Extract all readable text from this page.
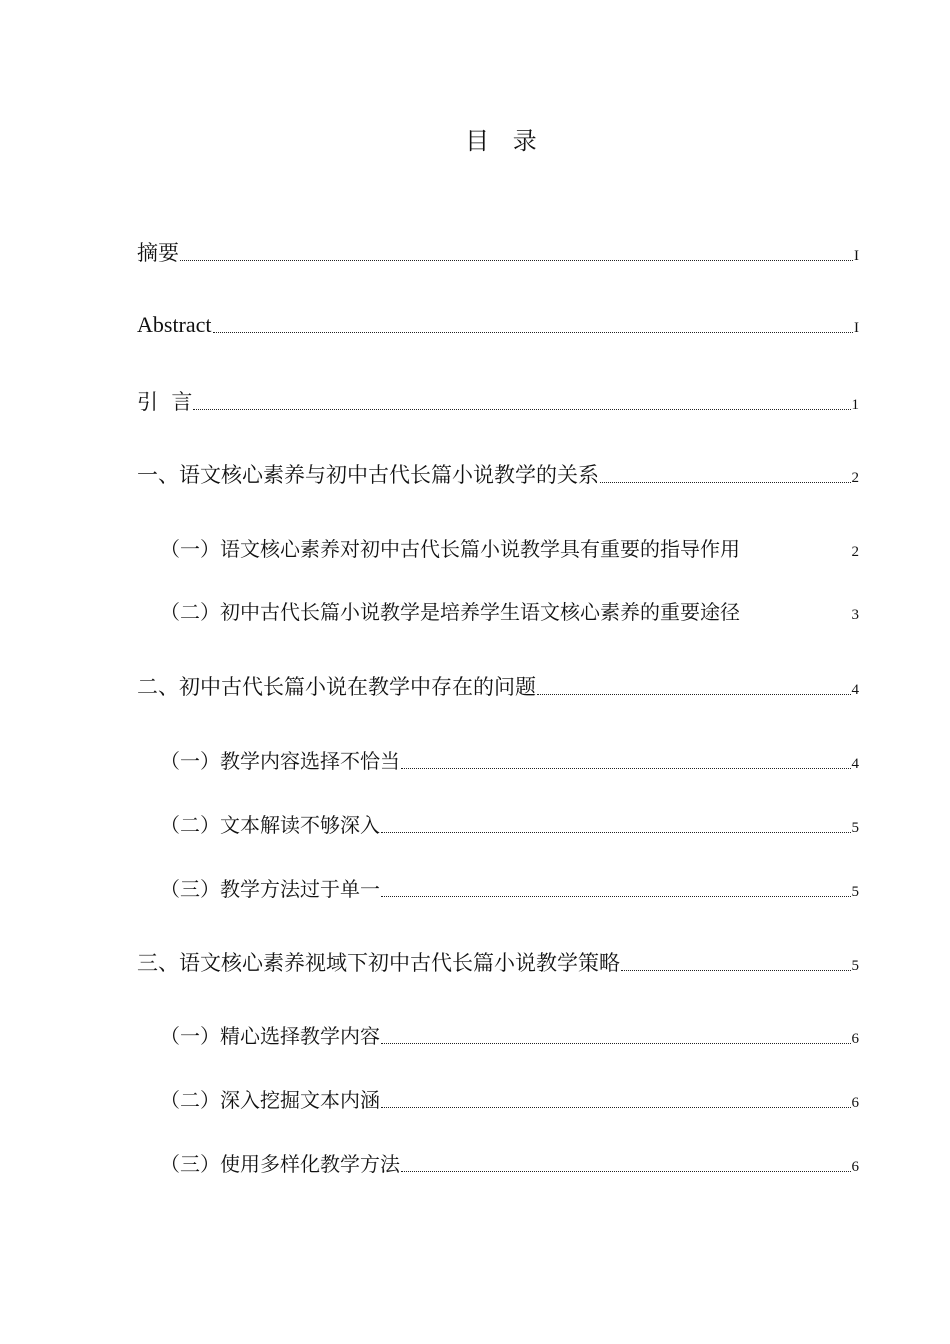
目 录
摘要	I
Abstract	I
引  言	1
一、语文核心素养与初中古代长篇小说教学的关系	2
（一）语文核心素养对初中古代长篇小说教学具有重要的指导作用	2
（二）初中古代长篇小说教学是培养学生语文核心素养的重要途径	3
二、初中古代长篇小说在教学中存在的问题	4
（一）教学内容选择不恰当	4
（二）文本解读不够深入	5
（三）教学方法过于单一	5
三、语文核心素养视域下初中古代长篇小说教学策略	5
（一）精心选择教学内容	6
（二）深入挖掘文本内涵	6
（三）使用多样化教学方法	6
